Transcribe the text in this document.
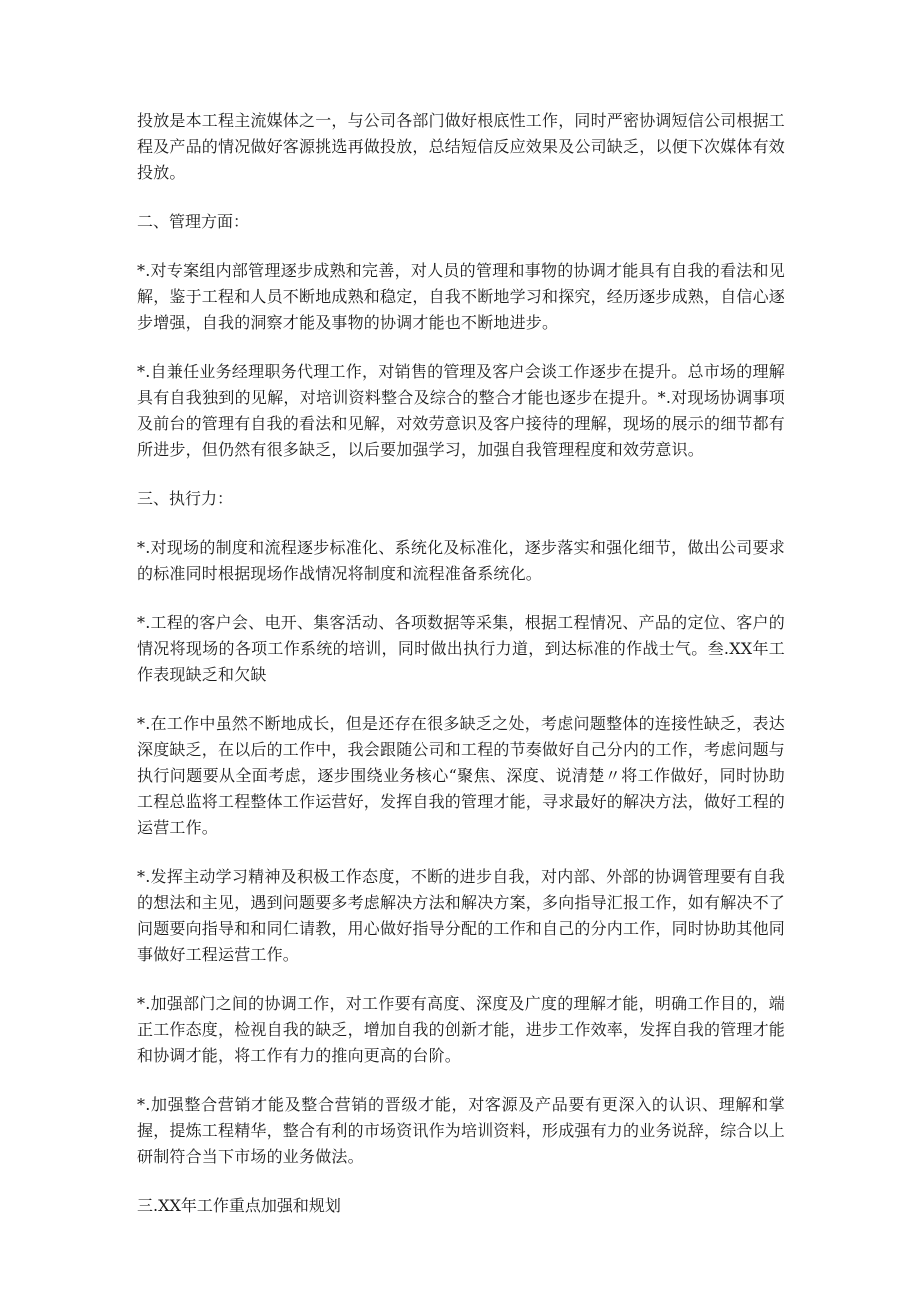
投放是本工程主流媒体之一，与公司各部门做好根底性工作，同时严密协调短信公司根据工程及产品的情况做好客源挑选再做投放，总结短信反应效果及公司缺乏，以便下次媒体有效投放。

二、管理方面：

*.对专案组内部管理逐步成熟和完善，对人员的管理和事物的协调才能具有自我的看法和见解，鉴于工程和人员不断地成熟和稳定，自我不断地学习和探究，经历逐步成熟，自信心逐步增强，自我的洞察才能及事物的协调才能也不断地进步。

*.自兼任业务经理职务代理工作，对销售的管理及客户会谈工作逐步在提升。总市场的理解具有自我独到的见解，对培训资料整合及综合的整合才能也逐步在提升。*.对现场协调事项及前台的管理有自我的看法和见解，对效劳意识及客户接待的理解，现场的展示的细节都有所进步，但仍然有很多缺乏，以后要加强学习，加强自我管理程度和效劳意识。

三、执行力：

*.对现场的制度和流程逐步标准化、系统化及标准化，逐步落实和强化细节，做出公司要求的标准同时根据现场作战情况将制度和流程准备系统化。

*.工程的客户会、电开、集客活动、各项数据等采集，根据工程情况、产品的定位、客户的情况将现场的各项工作系统的培训，同时做出执行力道，到达标准的作战士气。叁.XX年工作表现缺乏和欠缺

*.在工作中虽然不断地成长，但是还存在很多缺乏之处，考虑问题整体的连接性缺乏，表达深度缺乏，在以后的工作中，我会跟随公司和工程的节奏做好自己分内的工作，考虑问题与执行问题要从全面考虑，逐步围绕业务核心“聚焦、深度、说清楚〃将工作做好，同时协助工程总监将工程整体工作运营好，发挥自我的管理才能，寻求最好的解决方法，做好工程的运营工作。

*.发挥主动学习精神及积极工作态度，不断的进步自我，对内部、外部的协调管理要有自我的想法和主见，遇到问题要多考虑解决方法和解决方案，多向指导汇报工作，如有解决不了问题要向指导和和同仁请教，用心做好指导分配的工作和自己的分内工作，同时协助其他同事做好工程运营工作。

*.加强部门之间的协调工作，对工作要有高度、深度及广度的理解才能，明确工作目的，端正工作态度，检视自我的缺乏，增加自我的创新才能，进步工作效率，发挥自我的管理才能和协调才能，将工作有力的推向更高的台阶。

*.加强整合营销才能及整合营销的晋级才能，对客源及产品要有更深入的认识、理解和掌握，提炼工程精华，整合有利的市场资讯作为培训资料，形成强有力的业务说辞，综合以上研制符合当下市场的业务做法。

三.XX年工作重点加强和规划
